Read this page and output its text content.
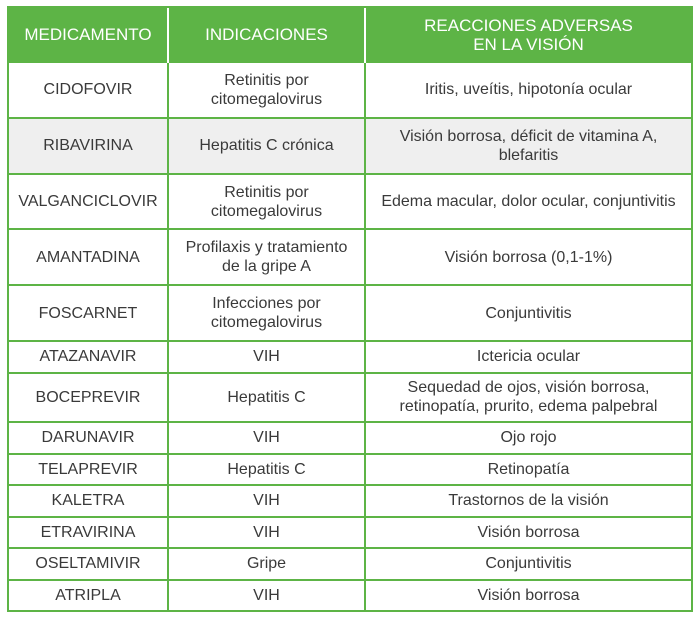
MEDICAMENTO	INDICACIONES	REACCIONES ADVERSAS
EN LA VISIÓN
CIDOFOVIR	Retinitis por citomegalovirus	Iritis, uveítis, hipotonía ocular
RIBAVIRINA	Hepatitis C crónica	Visión borrosa, déficit de vitamina A, blefaritis
VALGANCICLOVIR	Retinitis por citomegalovirus	Edema macular, dolor ocular, conjuntivitis
AMANTADINA	Profilaxis y tratamiento de la gripe A	Visión borrosa (0,1-1%)
FOSCARNET	Infecciones por citomegalovirus	Conjuntivitis
ATAZANAVIR	VIH	Ictericia ocular
BOCEPREVIR	Hepatitis C	Sequedad de ojos, visión borrosa, retinopatía, prurito, edema palpebral
DARUNAVIR	VIH	Ojo rojo
TELAPREVIR	Hepatitis C	Retinopatía
KALETRA	VIH	Trastornos de la visión
ETRAVIRINA	VIH	Visión borrosa
OSELTAMIVIR	Gripe	Conjuntivitis
ATRIPLA	VIH	Visión borrosa
